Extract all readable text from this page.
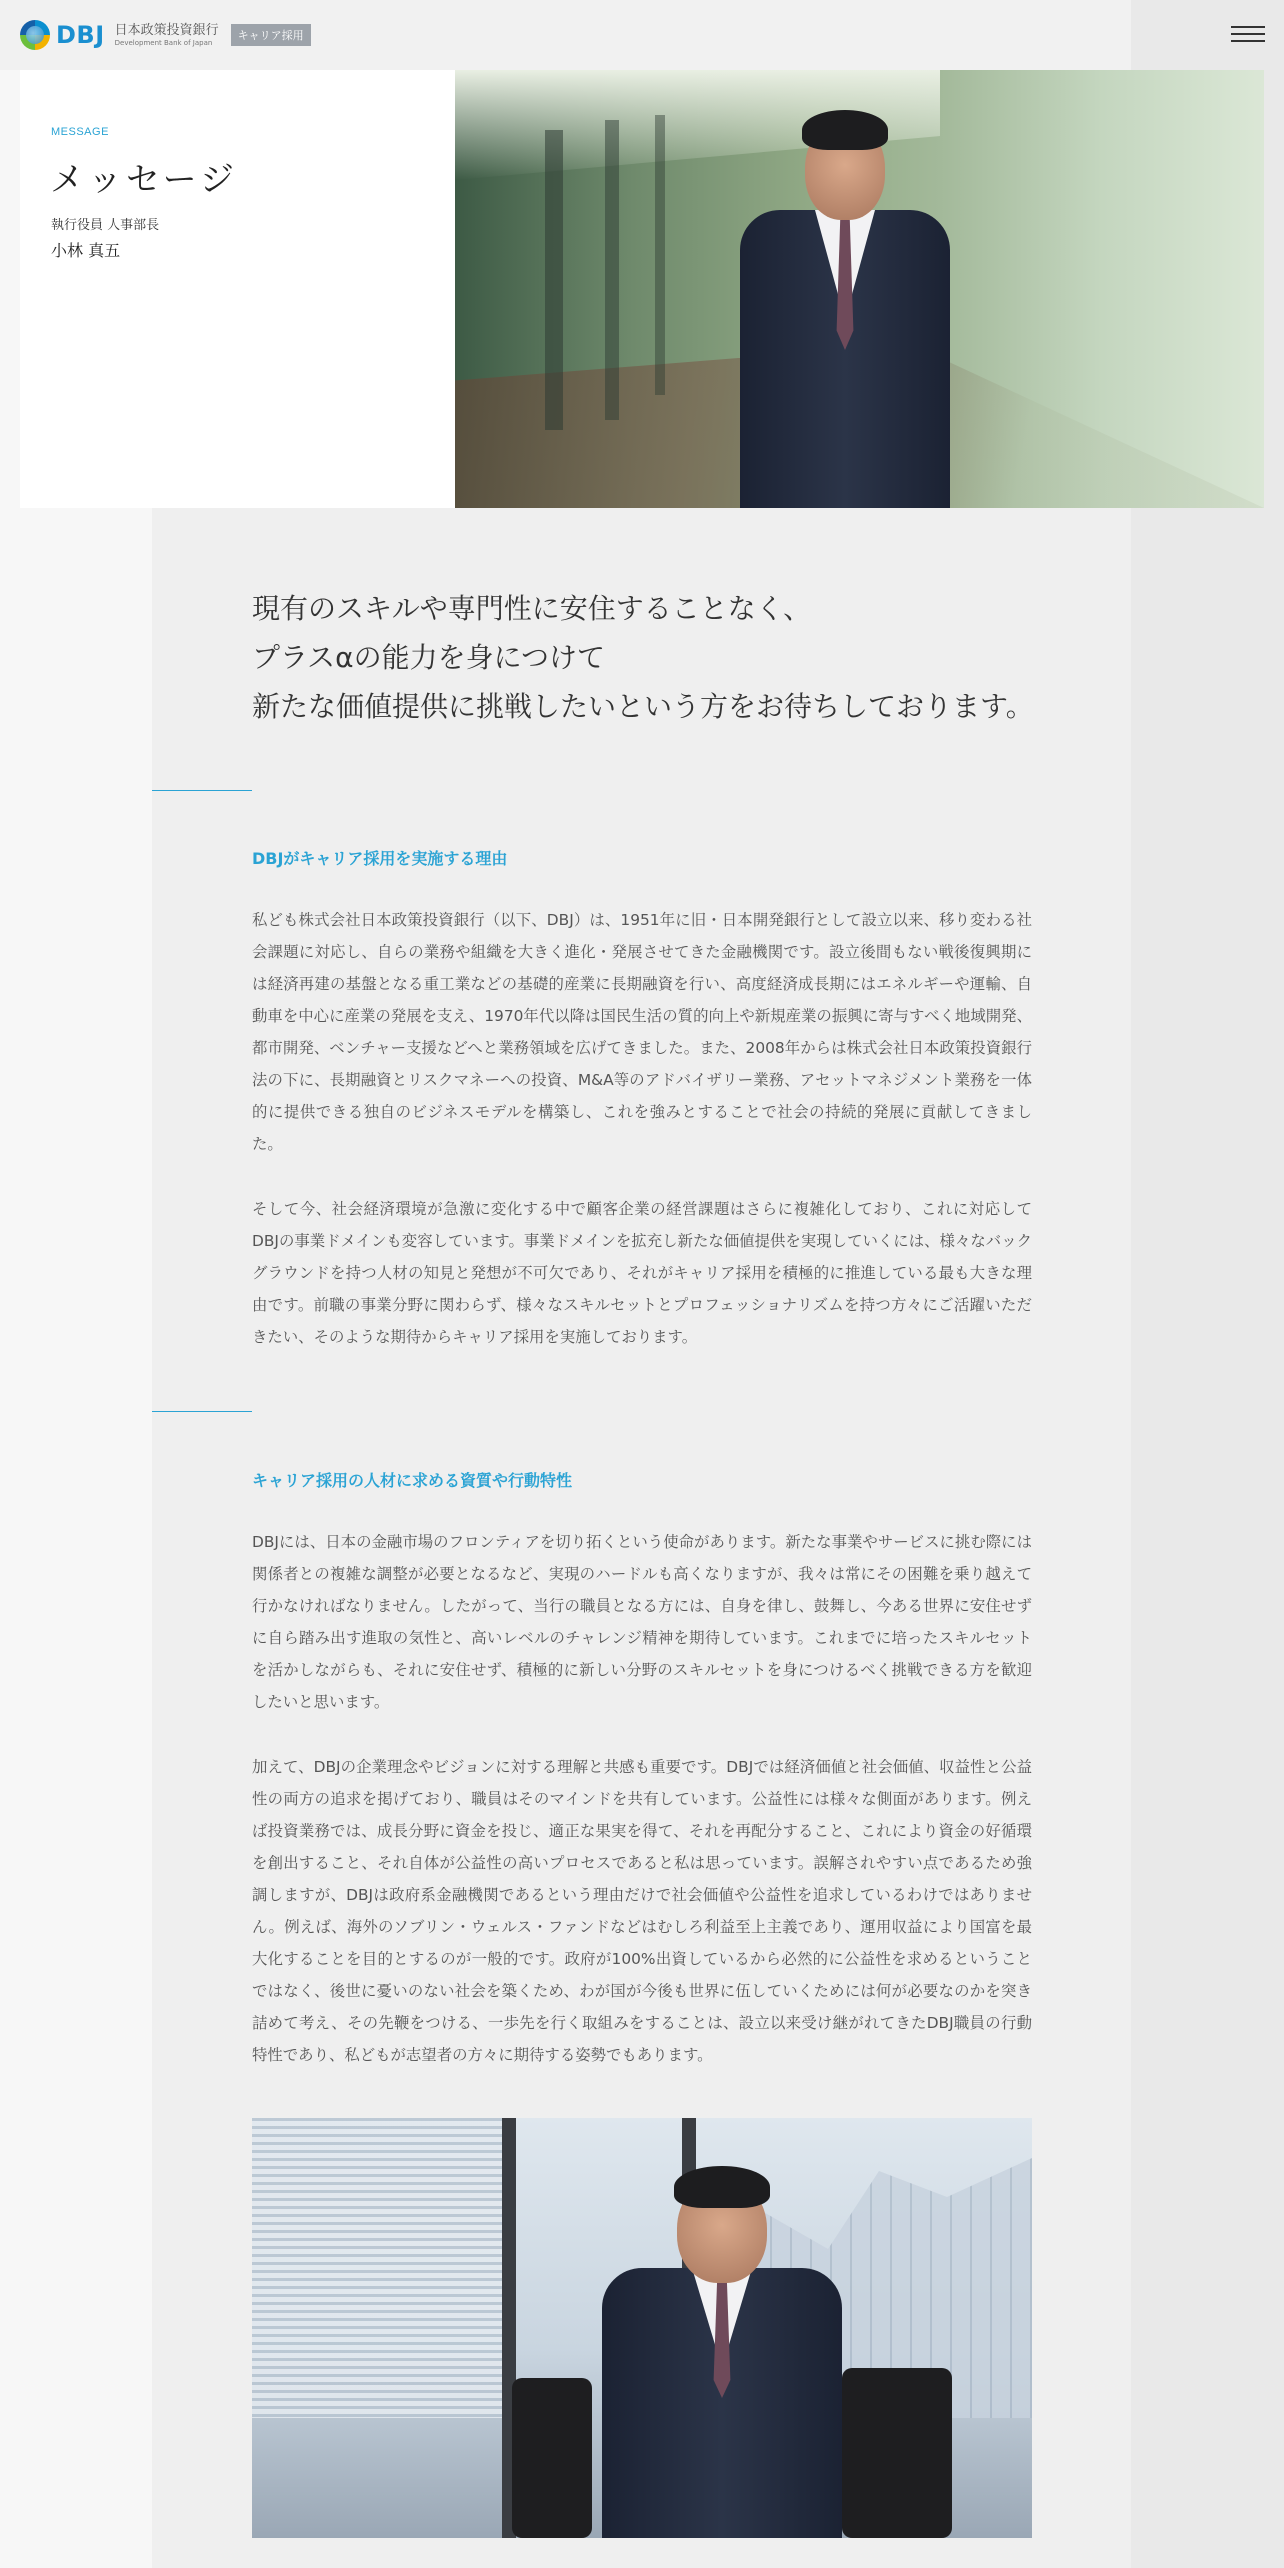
DBJ 日本政策投資銀行
Development Bank of Japan
キャリア採用
MESSAGE
メッセージ
執行役員 人事部長
小林 真五

現有のスキルや専門性に安住することなく、

プラスαの能力を身につけて

新たな価値提供に挑戦したいという方をお待ちしております。

DBJがキャリア採用を実施する理由

私ども株式会社日本政策投資銀行（以下、DBJ）は、1951年に旧・日本開発銀行として設立以来、移り変わる社会課題に対応し、自らの業務や組織を大きく進化・発展させてきた金融機関です。設立後間もない戦後復興期には経済再建の基盤となる重工業などの基礎的産業に長期融資を行い、高度経済成長期にはエネルギーや運輸、自動車を中心に産業の発展を支え、1970年代以降は国民生活の質的向上や新規産業の振興に寄与すべく地域開発、都市開発、ベンチャー支援などへと業務領域を広げてきました。また、2008年からは株式会社日本政策投資銀行法の下に、長期融資とリスクマネーへの投資、M&A等のアドバイザリー業務、アセットマネジメント業務を一体的に提供できる独自のビジネスモデルを構築し、これを強みとすることで社会の持続的発展に貢献してきました。

そして今、社会経済環境が急激に変化する中で顧客企業の経営課題はさらに複雑化しており、これに対応してDBJの事業ドメインも変容しています。事業ドメインを拡充し新たな価値提供を実現していくには、様々なバックグラウンドを持つ人材の知見と発想が不可欠であり、それがキャリア採用を積極的に推進している最も大きな理由です。前職の事業分野に関わらず、様々なスキルセットとプロフェッショナリズムを持つ方々にご活躍いただきたい、そのような期待からキャリア採用を実施しております。

キャリア採用の人材に求める資質や行動特性

DBJには、日本の金融市場のフロンティアを切り拓くという使命があります。新たな事業やサービスに挑む際には関係者との複雑な調整が必要となるなど、実現のハードルも高くなりますが、我々は常にその困難を乗り越えて行かなければなりません。したがって、当行の職員となる方には、自身を律し、鼓舞し、今ある世界に安住せずに自ら踏み出す進取の気性と、高いレベルのチャレンジ精神を期待しています。これまでに培ったスキルセットを活かしながらも、それに安住せず、積極的に新しい分野のスキルセットを身につけるべく挑戦できる方を歓迎したいと思います。

加えて、DBJの企業理念やビジョンに対する理解と共感も重要です。DBJでは経済価値と社会価値、収益性と公益性の両方の追求を掲げており、職員はそのマインドを共有しています。公益性には様々な側面があります。例えば投資業務では、成長分野に資金を投じ、適正な果実を得て、それを再配分すること、これにより資金の好循環を創出すること、それ自体が公益性の高いプロセスであると私は思っています。誤解されやすい点であるため強調しますが、DBJは政府系金融機関であるという理由だけで社会価値や公益性を追求しているわけではありません。例えば、海外のソブリン・ウェルス・ファンドなどはむしろ利益至上主義であり、運用収益により国富を最大化することを目的とするのが一般的です。政府が100%出資しているから必然的に公益性を求めるということではなく、後世に憂いのない社会を築くため、わが国が今後も世界に伍していくためには何が必要なのかを突き詰めて考え、その先鞭をつける、一歩先を行く取組みをすることは、設立以来受け継がれてきたDBJ職員の行動特性であり、私どもが志望者の方々に期待する姿勢でもあります。
